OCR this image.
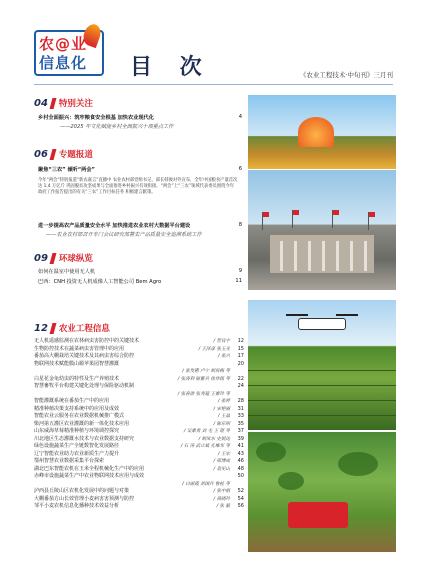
农@业
信息化 目 次	《农业工程技术·中旬刊》三月刊
04 特别关注
乡村全面振兴：筑牢粮食安全根基 加快农业现代化
——2025 年文化赋能乡村全面振兴十项重点工作
4
06 专题报道
聚焦“三农” 倾听“两会”	6
今年“两会”特别报道“新农嘉言”直播中 农业农村部党组书记、部长韩俊对外宣布，全年中国粮食产量首次达 1.4 万亿斤 巩固脱贫攻坚成果与全面推进乡村振兴有效衔接。“两会”上“三农”领域代表委员围绕今年政府工作报告提出的有关“三农”工作目标任务 积极建言献策。
进一步提高农产品质量安全水平 加快推进农业农村大数据平台建设	8
——农业农村部召开专门会议研究部署农产品质量安全追溯系统工作
09 环球纵览
如何在温室中使用无人机	9
巴西：CNH 投资无人机成像人工智能公司 Bem Agro	11
12 农业工程信息
无人机遥感监测在农林病虫害防控中的关键技术	/ 智良宇	12
生物防控技术在蔬菜病虫害管理中的应用	/ 王泽彦 张玉光	15
番茄高大棚栽培关键技术及其病虫害综合防控	/ 张兴	17
物联网技术赋能膜山塬苹果园智慧灌溉	20
/ 张发惠 卢宁 胡再梅 等
白星花金龟幼虫的特性及生产养殖技术	/ 张涛利 陈紫兵 徐伟铭 等	22
智慧畜牧平台构建关键化处理与保险驱动机制	24
/ 张春游 张秀超 王素玲 等
智能灌溉系统在番茄生产中的应用	/ 张婷	28
精准种植决策支持系统中的应用及成效	/ 宋艳丽	31
智能农业云服务在农业数据机械推广模式	/ 王晶	33
柴河第五灌区农业灌溉的新一体化技术应用	/ 陈乐明	35
山东威海草莓精准种植与环境调控探究	/ 吴素勇 刘 毛 王 琨 等	37
川北地区生态灌溉水技术与农业数据支持研究	/ 胡凤东 史锐达	39
绿色设施蔬菜生产全链数智化发展路径	/ 石 涛 武立斌 孔维军 等	41
辽宁智能农业助力农业新质生产力提升	/ 王宏	43
鄂州智慧农业数据采集平台探索	/ 邢博成	46
湖北巴东智能农机在玉米全程机械化生产中的应用	/ 袁见山	48
赤峰市设施蔬菜生产中农业物联网技术应用与成效	50
/ 白丽霞 刘国兵 鲁桂 等
泸西县丘陵山区农机化发展中的问题与对策	/ 张中娟	52
大棚番茄方山长效管理小麦病害害预测与防控	/ 黄晓玲	54
邹平小麦农机信息化播种技术效益分析	/ 张 毅	56
